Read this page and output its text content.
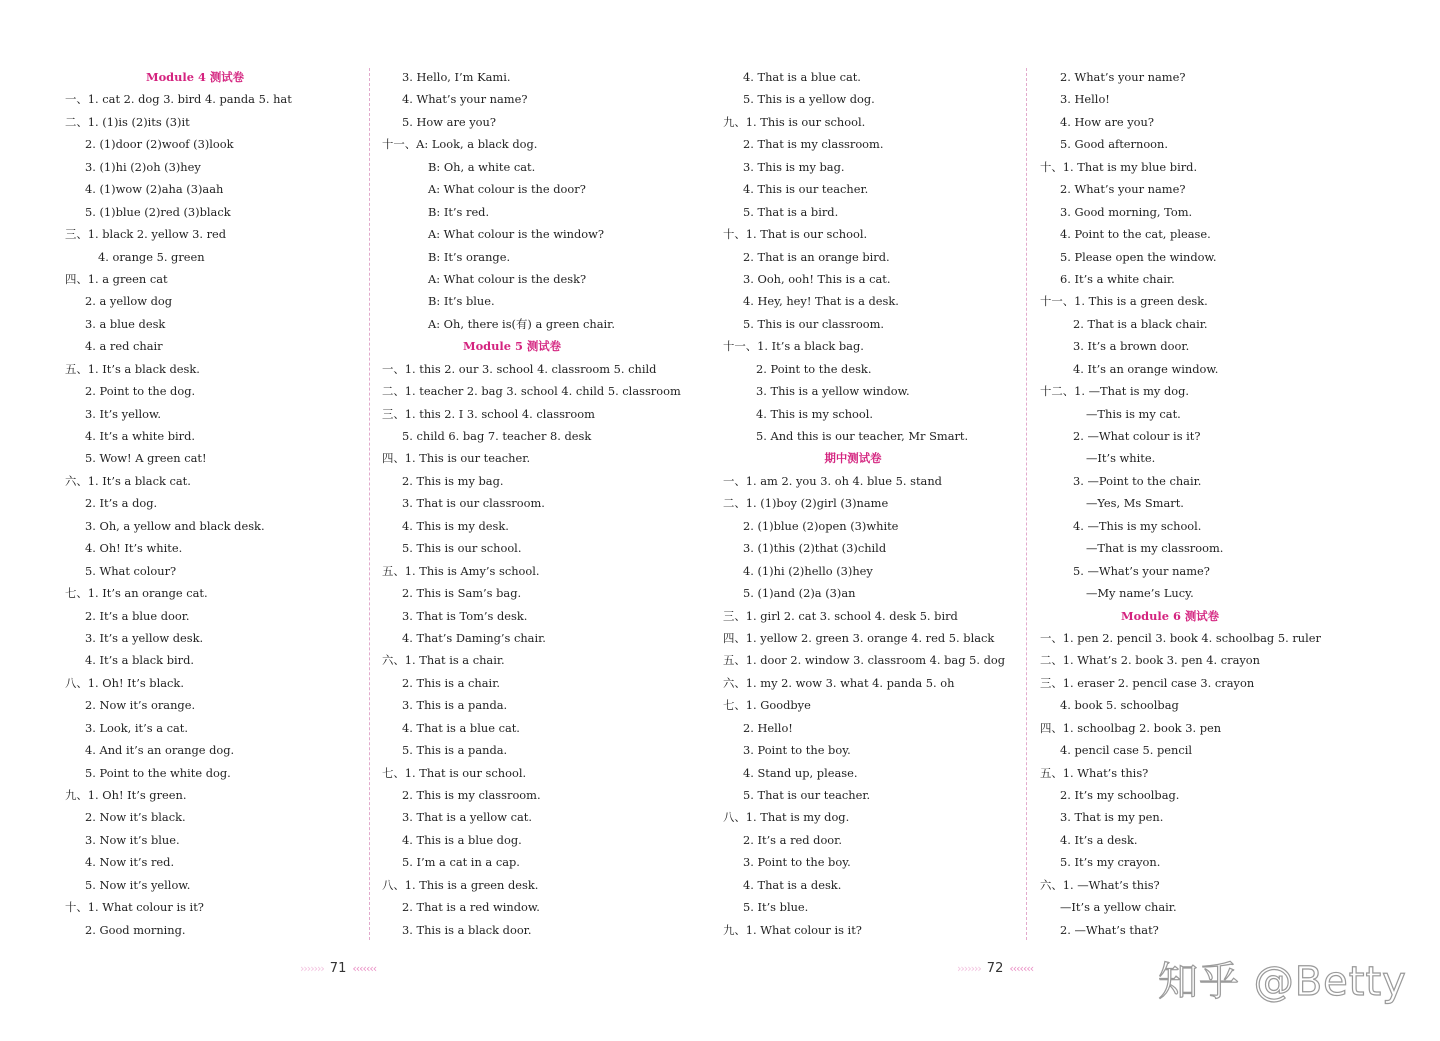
Module 4 测试卷
一、1. cat 2. dog 3. bird 4. panda 5. hat
二、1. (1)is (2)its (3)it
2. (1)door (2)woof (3)look
3. (1)hi (2)oh (3)hey
4. (1)wow (2)aha (3)aah
5. (1)blue (2)red (3)black
三、1. black 2. yellow 3. red
4. orange 5. green
四、1. a green cat
2. a yellow dog
3. a blue desk
4. a red chair
五、1. It’s a black desk.
2. Point to the dog.
3. It’s yellow.
4. It’s a white bird.
5. Wow! A green cat!
六、1. It’s a black cat.
2. It’s a dog.
3. Oh, a yellow and black desk.
4. Oh! It’s white.
5. What colour?
七、1. It’s an orange cat.
2. It’s a blue door.
3. It’s a yellow desk.
4. It’s a black bird.
八、1. Oh! It’s black.
2. Now it’s orange.
3. Look, it’s a cat.
4. And it’s an orange dog.
5. Point to the white dog.
九、1. Oh! It’s green.
2. Now it’s black.
3. Now it’s blue.
4. Now it’s red.
5. Now it’s yellow.
十、1. What colour is it?
2. Good morning.
3. Hello, I’m Kami.
4. What’s your name?
5. How are you?
十一、A: Look, a black dog.
B: Oh, a white cat.
A: What colour is the door?
B: It’s red.
A: What colour is the window?
B: It’s orange.
A: What colour is the desk?
B: It’s blue.
A: Oh, there is(有) a green chair.
Module 5 测试卷
一、1. this 2. our 3. school 4. classroom 5. child
二、1. teacher 2. bag 3. school 4. child 5. classroom
三、1. this 2. I 3. school 4. classroom
5. child 6. bag 7. teacher 8. desk
四、1. This is our teacher.
2. This is my bag.
3. That is our classroom.
4. This is my desk.
5. This is our school.
五、1. This is Amy’s school.
2. This is Sam’s bag.
3. That is Tom’s desk.
4. That’s Daming’s chair.
六、1. That is a chair.
2. This is a chair.
3. This is a panda.
4. That is a blue cat.
5. This is a panda.
七、1. That is our school.
2. This is my classroom.
3. That is a yellow cat.
4. This is a blue dog.
5. I’m a cat in a cap.
八、1. This is a green desk.
2. That is a red window.
3. This is a black door.
4. That is a blue cat.
5. This is a yellow dog.
九、1. This is our school.
2. That is my classroom.
3. This is my bag.
4. This is our teacher.
5. That is a bird.
十、1. That is our school.
2. That is an orange bird.
3. Ooh, ooh! This is a cat.
4. Hey, hey! That is a desk.
5. This is our classroom.
十一、1. It’s a black bag.
2. Point to the desk.
3. This is a yellow window.
4. This is my school.
5. And this is our teacher, Mr Smart.
期中测试卷
一、1. am 2. you 3. oh 4. blue 5. stand
二、1. (1)boy (2)girl (3)name
2. (1)blue (2)open (3)white
3. (1)this (2)that (3)child
4. (1)hi (2)hello (3)hey
5. (1)and (2)a (3)an
三、1. girl 2. cat 3. school 4. desk 5. bird
四、1. yellow 2. green 3. orange 4. red 5. black
五、1. door 2. window 3. classroom 4. bag 5. dog
六、1. my 2. wow 3. what 4. panda 5. oh
七、1. Goodbye
2. Hello!
3. Point to the boy.
4. Stand up, please.
5. That is our teacher.
八、1. That is my dog.
2. It’s a red door.
3. Point to the boy.
4. That is a desk.
5. It’s blue.
九、1. What colour is it?
2. What’s your name?
3. Hello!
4. How are you?
5. Good afternoon.
十、1. That is my blue bird.
2. What’s your name?
3. Good morning, Tom.
4. Point to the cat, please.
5. Please open the window.
6. It’s a white chair.
十一、1. This is a green desk.
2. That is a black chair.
3. It’s a brown door.
4. It’s an orange window.
十二、1. —That is my dog.
—This is my cat.
2. —What colour is it?
—It’s white.
3. —Point to the chair.
—Yes, Ms Smart.
4. —This is my school.
—That is my classroom.
5. —What’s your name?
—My name’s Lucy.
Module 6 测试卷
一、1. pen 2. pencil 3. book 4. schoolbag 5. ruler
二、1. What’s 2. book 3. pen 4. crayon
三、1. eraser 2. pencil case 3. crayon
4. book 5. schoolbag
四、1. schoolbag 2. book 3. pen
4. pencil case 5. pencil
五、1. What’s this?
2. It’s my schoolbag.
3. That is my pen.
4. It’s a desk.
5. It’s my crayon.
六、1. —What’s this?
—It’s a yellow chair.
2. —What’s that?
››››››› 71 ‹‹‹‹‹‹‹	››››››› 72 ‹‹‹‹‹‹‹	知乎 @Betty
